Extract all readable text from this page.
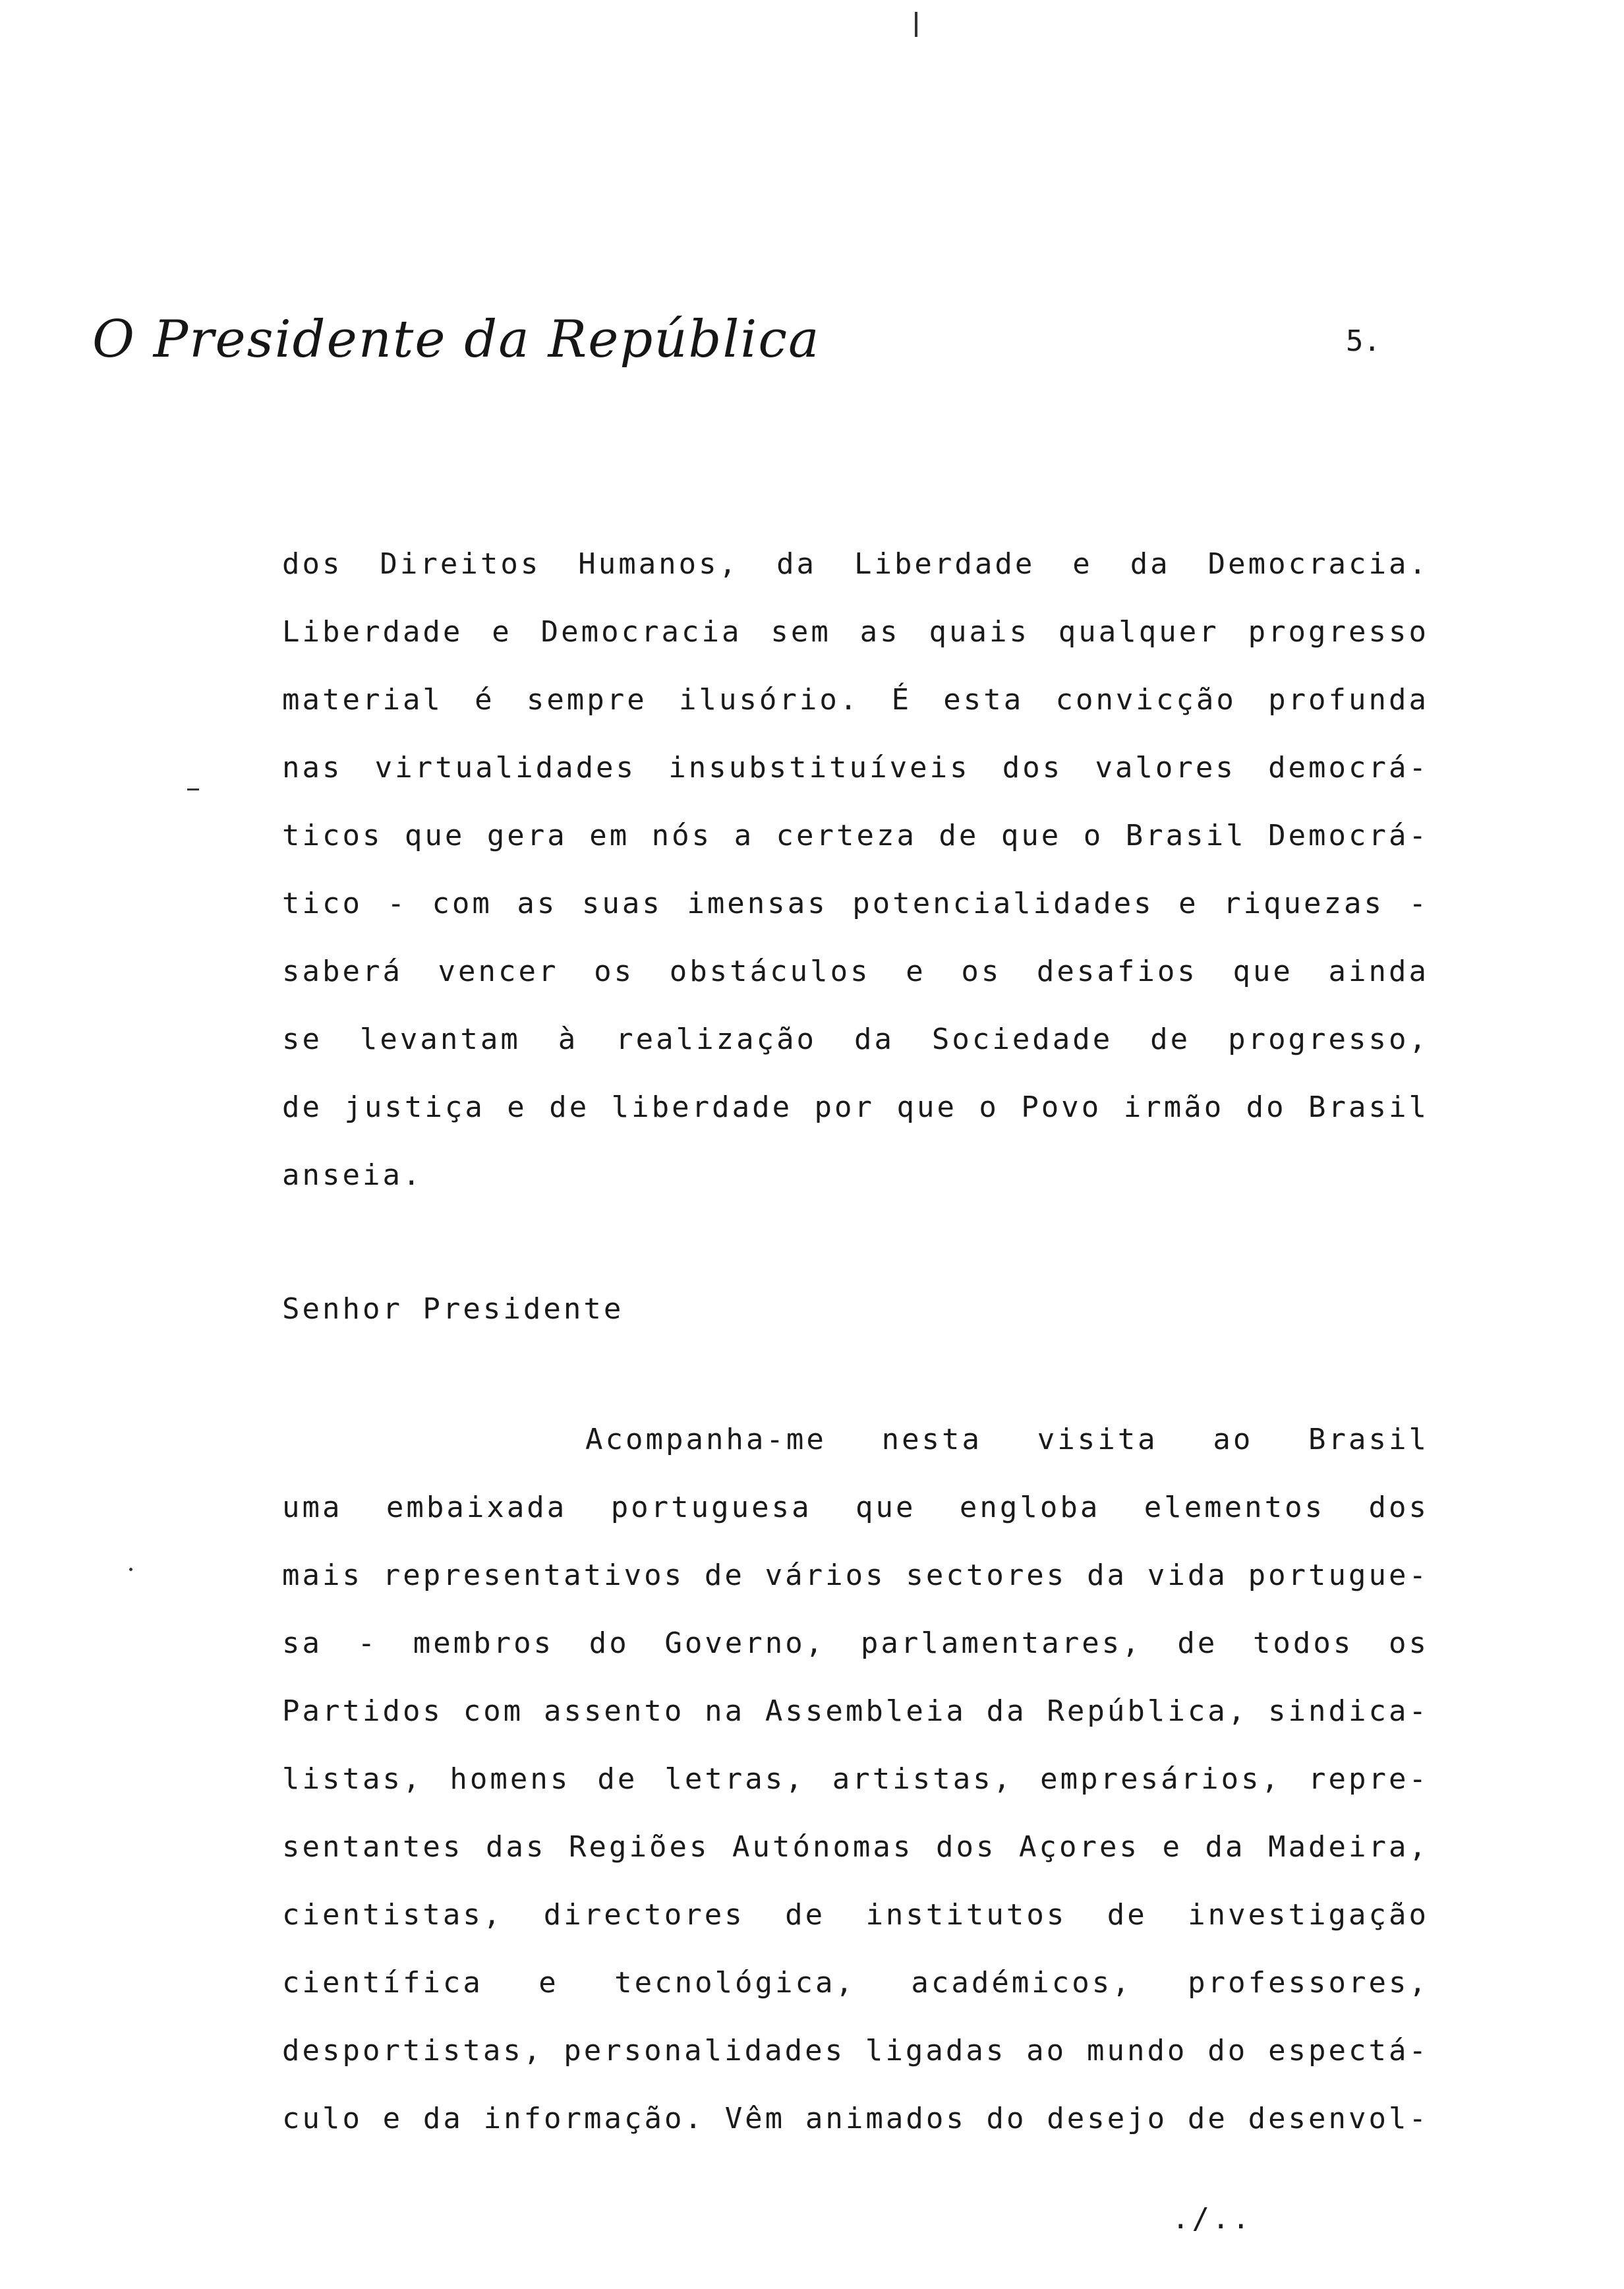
O Presidente da República	5.
dos Direitos Humanos, da Liberdade e da Democracia.
Liberdade e Democracia sem as quais qualquer progresso
material é sempre ilusório. É esta convicção profunda
nas virtualidades insubstituíveis dos valores democrá-
ticos que gera em nós a certeza de que o Brasil Democrá-
tico - com as suas imensas potencialidades e riquezas -
saberá vencer os obstáculos e os desafios que ainda
se levantam à realização da Sociedade de progresso,
de justiça e de liberdade por que o Povo irmão do Brasil
anseia.
Senhor Presidente
Acompanha-me nesta visita ao Brasil
uma embaixada portuguesa que engloba elementos dos
mais representativos de vários sectores da vida portugue-
sa - membros do Governo, parlamentares, de todos os
Partidos com assento na Assembleia da República, sindica-
listas, homens de letras, artistas, empresários, repre-
sentantes das Regiões Autónomas dos Açores e da Madeira,
cientistas, directores de institutos de investigação
científica e tecnológica, académicos, professores,
desportistas, personalidades ligadas ao mundo do espectá-
culo e da informação. Vêm animados do desejo de desenvol-
./..
